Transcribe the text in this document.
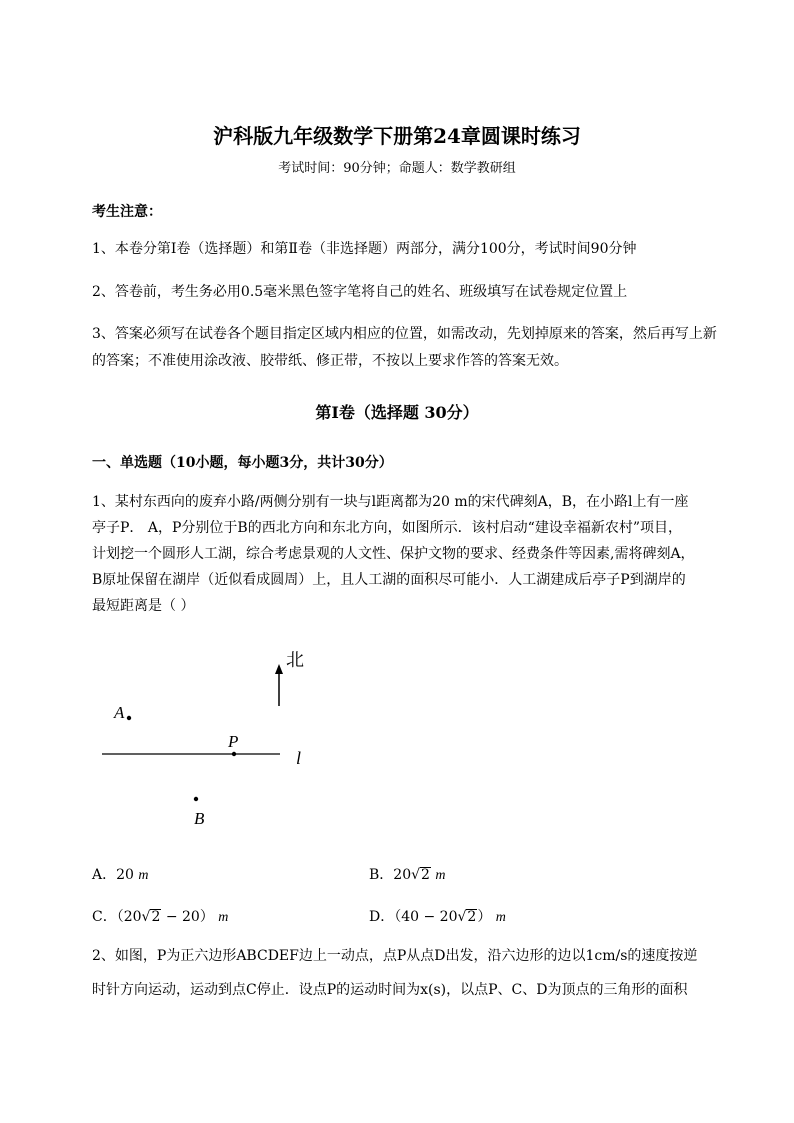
沪科版九年级数学下册第24章圆课时练习
考试时间：90分钟；命题人：数学教研组
考生注意：
1、本卷分第I卷（选择题）和第Ⅱ卷（非选择题）两部分，满分100分，考试时间90分钟
2、答卷前，考生务必用0.5毫米黑色签字笔将自己的姓名、班级填写在试卷规定位置上
3、答案必须写在试卷各个题目指定区域内相应的位置，如需改动，先划掉原来的答案，然后再写上新
的答案；不准使用涂改液、胶带纸、修正带，不按以上要求作答的答案无效。
第I卷（选择题 30分）
一、单选题（10小题，每小题3分，共计30分）
1、某村东西向的废弃小路/两侧分别有一块与l距离都为20 m的宋代碑刻A，B，在小路l上有一座
亭子P． A，P分别位于B的西北方向和东北方向，如图所示．该村启动“建设幸福新农村”项目，
计划挖一个圆形人工湖，综合考虑景观的人文性、保护文物的要求、经费条件等因素,需将碑刻A，
B原址保留在湖岸（近似看成圆周）上，且人工湖的面积尽可能小．人工湖建成后亭子P到湖岸的
最短距离是（ ）
北
A
P
l
B
A．20 m	B．20√2 m
C．（20√2 − 20） m	D．（40 − 20√2） m
2、如图，P为正六边形ABCDEF边上一动点，点P从点D出发，沿六边形的边以1cm/s的速度按逆
时针方向运动，运动到点C停止．设点P的运动时间为x(s)，以点P、C、D为顶点的三角形的面积
